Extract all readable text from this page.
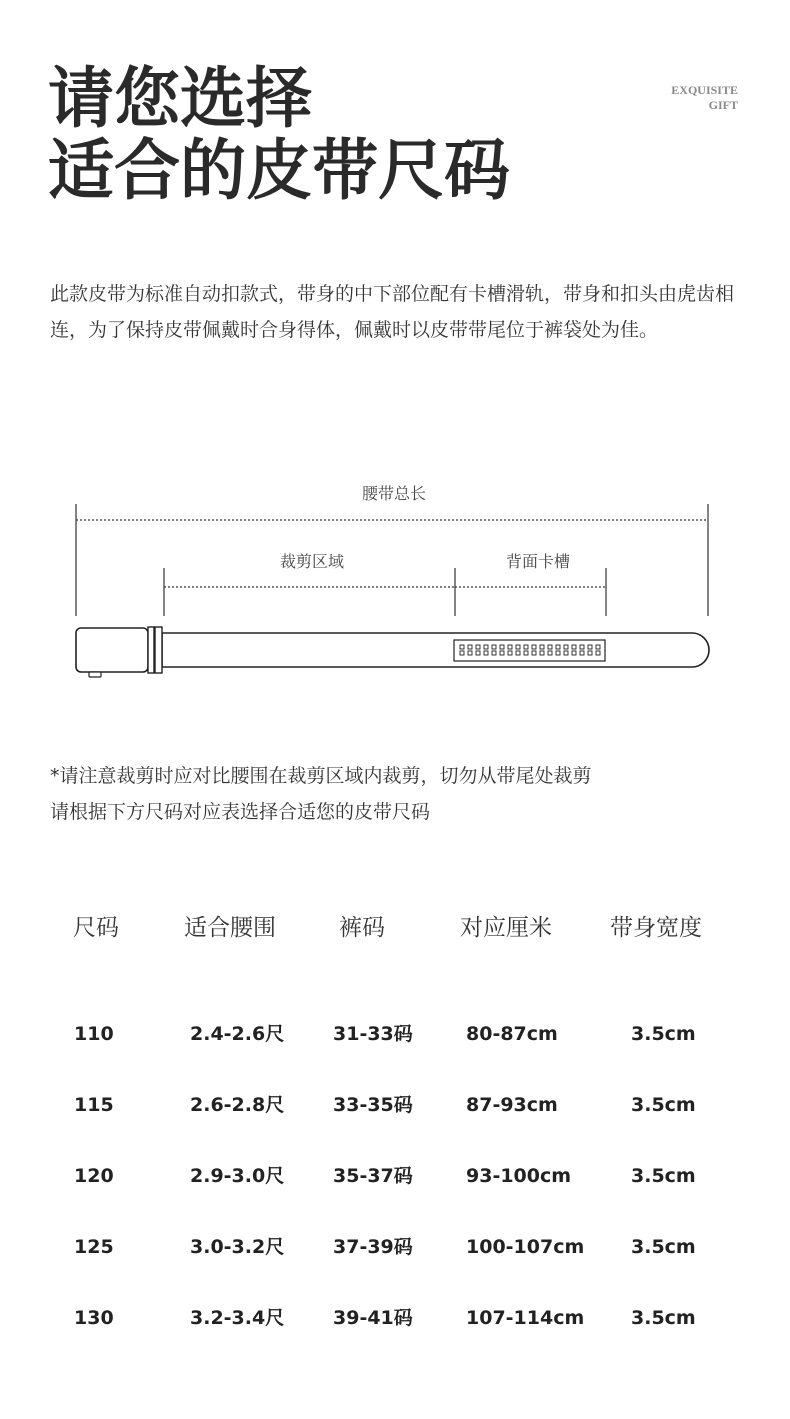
请您选择
适合的皮带尺码
EXQUISITE
GIFT

此款皮带为标准自动扣款式，带身的中下部位配有卡槽滑轨，带身和扣头由虎齿相连，为了保持皮带佩戴时合身得体，佩戴时以皮带带尾位于裤袋处为佳。

腰带总长
裁剪区域	背面卡槽

*请注意裁剪时应对比腰围在裁剪区域内裁剪，切勿从带尾处裁剪

请根据下方尺码对应表选择合适您的皮带尺码

尺码	适合腰围	裤码	对应厘米	带身宽度
110	2.4-2.6尺	31-33码	80-87cm	3.5cm
115	2.6-2.8尺	33-35码	87-93cm	3.5cm
120	2.9-3.0尺	35-37码	93-100cm	3.5cm
125	3.0-3.2尺	37-39码	100-107cm 3.5cm
130	3.2-3.4尺	39-41码	107-114cm 3.5cm
